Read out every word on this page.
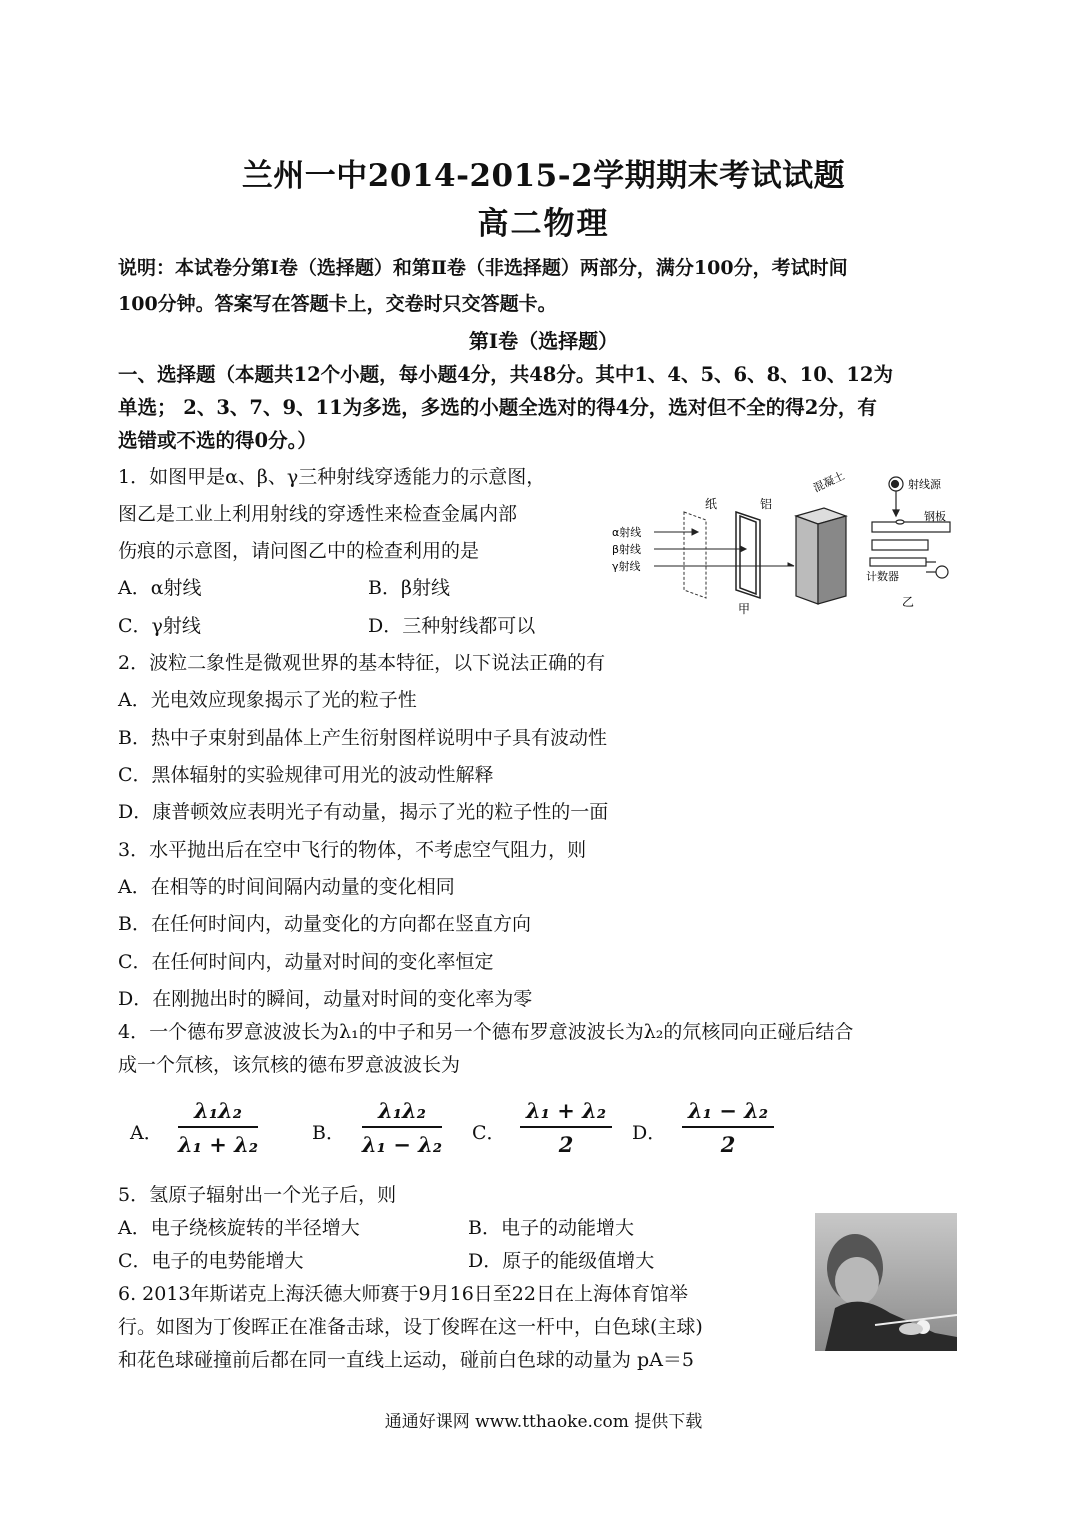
兰州一中2014-2015-2学期期末考试试题
高二物理
说明：本试卷分第Ⅰ卷（选择题）和第Ⅱ卷（非选择题）两部分，满分100分，考试时间
100分钟。答案写在答题卡上，交卷时只交答题卡。
第Ⅰ卷（选择题）
一、选择题（本题共12个小题，每小题4分，共48分。其中1、4、5、6、8、10、12为
单选； 2、3、7、9、11为多选，多选的小题全选对的得4分，选对但不全的得2分，有
选错或不选的得0分。）
1．如图甲是α、β、γ三种射线穿透能力的示意图，
图乙是工业上利用射线的穿透性来检查金属内部
伤痕的示意图，请问图乙中的检查利用的是
A．α射线	B．β射线
C．γ射线	D．三种射线都可以
α射线
β射线
γ射线
纸	铝
混凝土
甲
射线源
钢板
计数器
乙
2．波粒二象性是微观世界的基本特征，以下说法正确的有
A．光电效应现象揭示了光的粒子性
B．热中子束射到晶体上产生衍射图样说明中子具有波动性
C．黑体辐射的实验规律可用光的波动性解释
D．康普顿效应表明光子有动量，揭示了光的粒子性的一面
3．水平抛出后在空中飞行的物体，不考虑空气阻力，则
A．在相等的时间间隔内动量的变化相同
B．在任何时间内，动量变化的方向都在竖直方向
C．在任何时间内，动量对时间的变化率恒定
D．在刚抛出时的瞬间，动量对时间的变化率为零
4．一个德布罗意波波长为λ₁的中子和另一个德布罗意波波长为λ₂的氘核同向正碰后结合
成一个氘核，该氘核的德布罗意波波长为
A． $\frac{\text{λ₁λ₂}}{\text{λ₁ + λ₂}}$	B． $\frac{\text{λ₁λ₂}}{\text{λ₁ − λ₂}}$ C． $\frac{\text{λ₁ + λ₂}}{2}$ D． $\frac{\text{λ₁ − λ₂}}{2}$
5．氢原子辐射出一个光子后，则
A．电子绕核旋转的半径增大	B．电子的动能增大
C．电子的电势能增大	D．原子的能级值增大
6. 2013年斯诺克上海沃德大师赛于9月16日至22日在上海体育馆举
行。如图为丁俊晖正在准备击球，设丁俊晖在这一杆中，白色球(主球)
和花色球碰撞前后都在同一直线上运动，碰前白色球的动量为 pA＝5
通通好课网 www.tthaoke.com 提供下载
